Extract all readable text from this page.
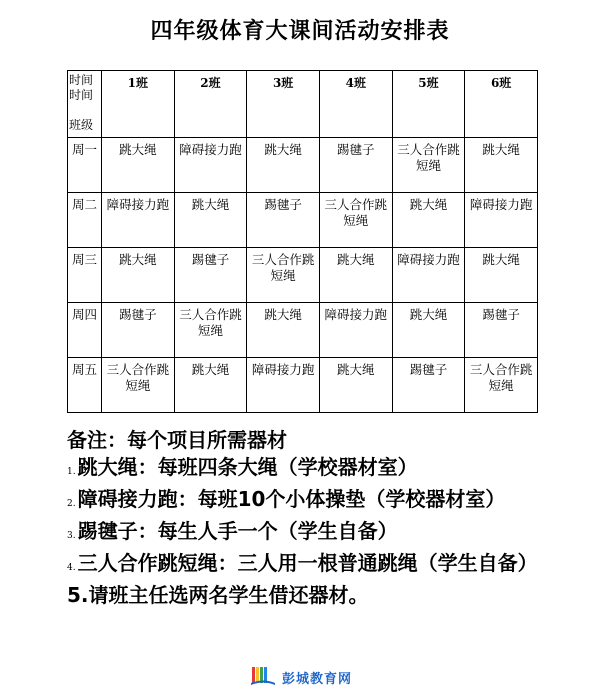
四年级体育大课间活动安排表
时间
时间
班级	1班	2班	3班	4班	5班	6班
周一	跳大绳	障碍接力跑	跳大绳	踢毽子	三人合作跳短绳	跳大绳
周二	障碍接力跑	跳大绳	踢毽子	三人合作跳短绳	跳大绳	障碍接力跑
周三	跳大绳	踢毽子	三人合作跳短绳	跳大绳	障碍接力跑	跳大绳
周四	踢毽子	三人合作跳短绳	跳大绳	障碍接力跑	跳大绳	踢毽子
周五	三人合作跳短绳	跳大绳	障碍接力跑	跳大绳	踢毽子	三人合作跳短绳

备注：每个项目所需器材

1. 跳大绳：每班四条大绳（学校器材室）

2. 障碍接力跑：每班10个小体操垫（学校器材室）

3. 踢毽子：每生人手一个（学生自备）

4. 三人合作跳短绳：三人用一根普通跳绳（学生自备）

5.请班主任选两名学生借还器材。

彭城教育网
